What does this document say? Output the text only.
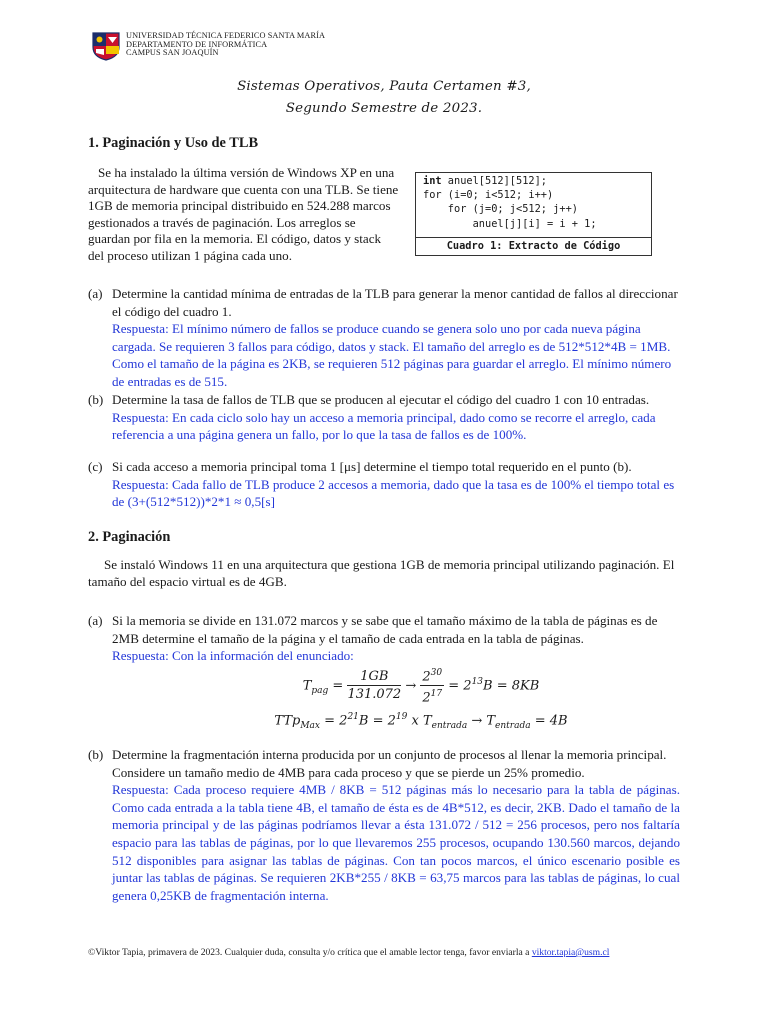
UNIVERSIDAD TÉCNICA FEDERICO SANTA MARÍA
DEPARTAMENTO DE INFORMÁTICA
CAMPUS SAN JOAQUÍN
Sistemas Operativos, Pauta Certamen #3,
Segundo Semestre de 2023.
1. Paginación y Uso de TLB
Se ha instalado la última versión de Windows XP en una arquitectura de hardware que cuenta con una TLB. Se tiene 1GB de memoria principal distribuido en 524.288 marcos gestionados a través de paginación. Los arreglos se guardan por fila en la memoria. El código, datos y stack del proceso utilizan 1 página cada uno.
int anuel[512][512];
for (i=0; i<512; i++)
for (j=0; j<512; j++)
anuel[j][i] = i + 1;
Cuadro 1: Extracto de Código
(a) Determine la cantidad mínima de entradas de la TLB para generar la menor cantidad de fallos al direccionar el código del cuadro 1.
Respuesta: El mínimo número de fallos se produce cuando se genera solo uno por cada nueva página cargada. Se requieren 3 fallos para código, datos y stack. El tamaño del arreglo es de 512*512*4B = 1MB. Como el tamaño de la página es 2KB, se requieren 512 páginas para guardar el arreglo. El mínimo número de entradas es de 515.
(b) Determine la tasa de fallos de TLB que se producen al ejecutar el código del cuadro 1 con 10 entradas.
Respuesta: En cada ciclo solo hay un acceso a memoria principal, dado como se recorre el arreglo, cada referencia a una página genera un fallo, por lo que la tasa de fallos es de 100%.
(c) Si cada acceso a memoria principal toma 1 [μs] determine el tiempo total requerido en el punto (b).
Respuesta: Cada fallo de TLB produce 2 accesos a memoria, dado que la tasa es de 100% el tiempo total es de (3+(512*512))*2*1 ≈ 0,5[s]
2. Paginación
Se instaló Windows 11 en una arquitectura que gestiona 1GB de memoria principal utilizando paginación. El tamaño del espacio virtual es de 4GB.
(a) Si la memoria se divide en 131.072 marcos y se sabe que el tamaño máximo de la tabla de páginas es de 2MB determine el tamaño de la página y el tamaño de cada entrada en la tabla de páginas.
Respuesta: Con la información del enunciado:
$T_{pag} = \frac{1GB}{131.072} \to \frac{2^{30}}{2^{17}} = 2^{13}B = 8KB$
$TTp_{Max} = 2^{21}B = 2^{19}$ x $T_{entrada} \to T_{entrada} = 4B$
(b) Determine la fragmentación interna producida por un conjunto de procesos al llenar la memoria principal. Considere un tamaño medio de 4MB para cada proceso y que se pierde un 25% promedio.
Respuesta: Cada proceso requiere 4MB / 8KB = 512 páginas más lo necesario para la tabla de páginas. Como cada entrada a la tabla tiene 4B, el tamaño de ésta es de 4B*512, es decir, 2KB. Dado el tamaño de la memoria principal y de las páginas podríamos llevar a ésta 131.072 / 512 = 256 procesos, pero nos faltaría espacio para las tablas de páginas, por lo que llevaremos 255 procesos, ocupando 130.560 marcos, dejando 512 disponibles para asignar las tablas de páginas. Con tan pocos marcos, el único escenario posible es juntar las tablas de páginas. Se requieren 2KB*255 / 8KB = 63,75 marcos para las tablas de páginas, lo cual genera 0,25KB de fragmentación interna.
©Viktor Tapia, primavera de 2023. Cualquier duda, consulta y/o crítica que el amable lector tenga, favor enviarla a viktor.tapia@usm.cl
